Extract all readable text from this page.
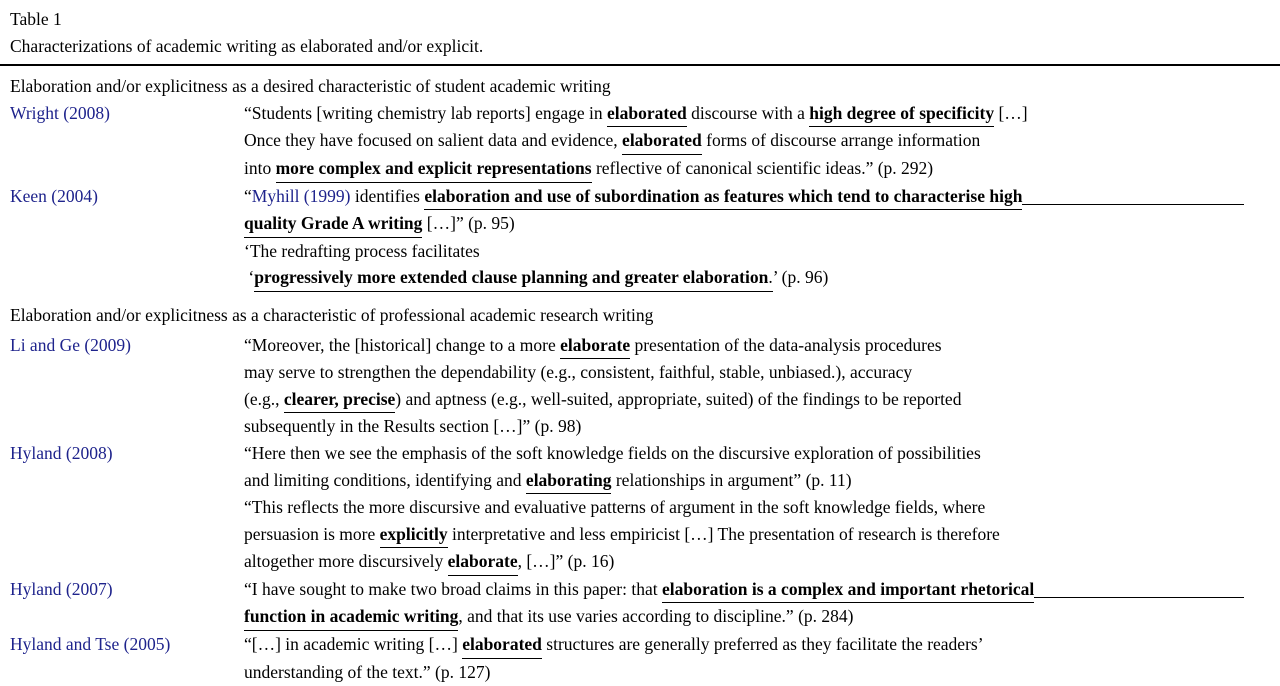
Table 1
Characterizations of academic writing as elaborated and/or explicit.
Elaboration and/or explicitness as a desired characteristic of student academic writing
Wright (2008)	“Students [writing chemistry lab reports] engage in elaborated discourse with a high degree of specificity […]
Once they have focused on salient data and evidence, elaborated forms of discourse arrange information
into more complex and explicit representations reflective of canonical scientific ideas.” (p. 292)
Keen (2004)	“ Myhill (1999) identifies elaboration and use of subordination as features which tend to characterise high
quality Grade A writing […]” (p. 95)
‘The redrafting process facilitates
‘ progressively more extended clause planning and greater elaboration . ’ (p. 96)
Elaboration and/or explicitness as a characteristic of professional academic research writing
Li and Ge (2009)	“Moreover, the [historical] change to a more elaborate presentation of the data-analysis procedures
may serve to strengthen the dependability (e.g., consistent, faithful, stable, unbiased.), accuracy
(e.g., clearer, precise ) and aptness (e.g., well-suited, appropriate, suited) of the findings to be reported
subsequently in the Results section […]” (p. 98)
Hyland (2008)	“Here then we see the emphasis of the soft knowledge fields on the discursive exploration of possibilities
and limiting conditions, identifying and elaborating relationships in argument” (p. 11)
“This reflects the more discursive and evaluative patterns of argument in the soft knowledge fields, where
persuasion is more explicitly interpretative and less empiricist […] The presentation of research is therefore
altogether more discursively elaborate , […]” (p. 16)
Hyland (2007)	“I have sought to make two broad claims in this paper: that elaboration is a complex and important rhetorical
function in academic writing , and that its use varies according to discipline.” (p. 284)
Hyland and Tse (2005)	“[…] in academic writing […] elaborated structures are generally preferred as they facilitate the readers’
understanding of the text.” (p. 127)
